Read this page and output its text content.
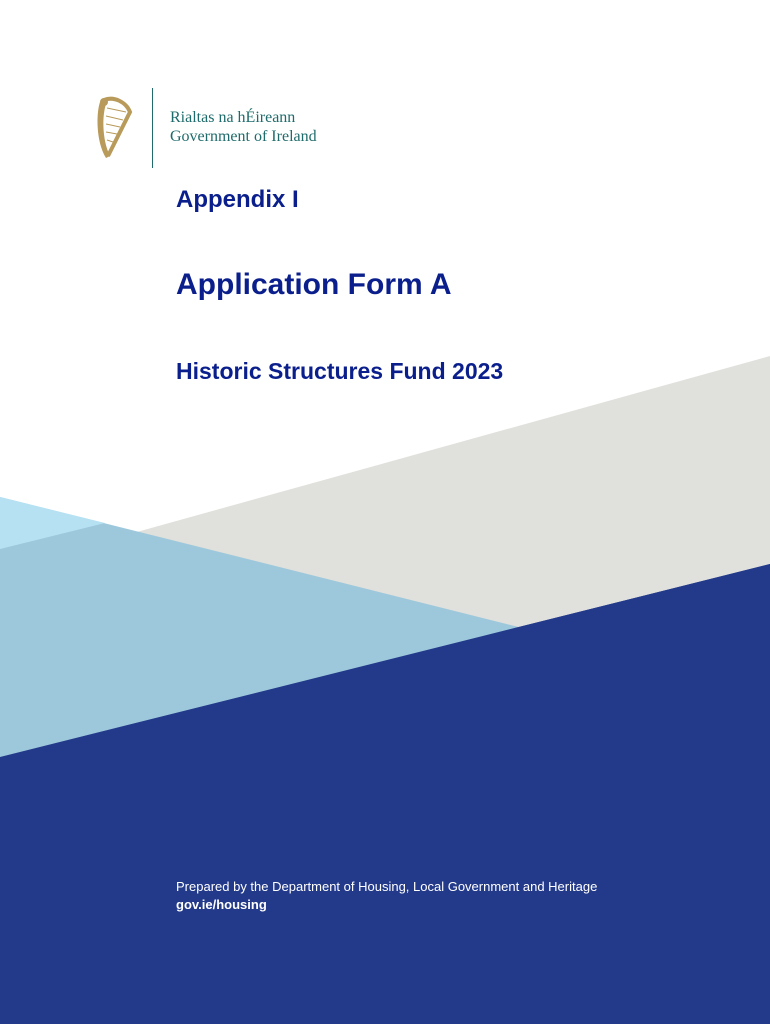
Rialtas na hÉireann
Government of Ireland
Appendix I
Application Form A
Historic Structures Fund 2023
Prepared by the Department of Housing, Local Government and Heritage
gov.ie/housing
